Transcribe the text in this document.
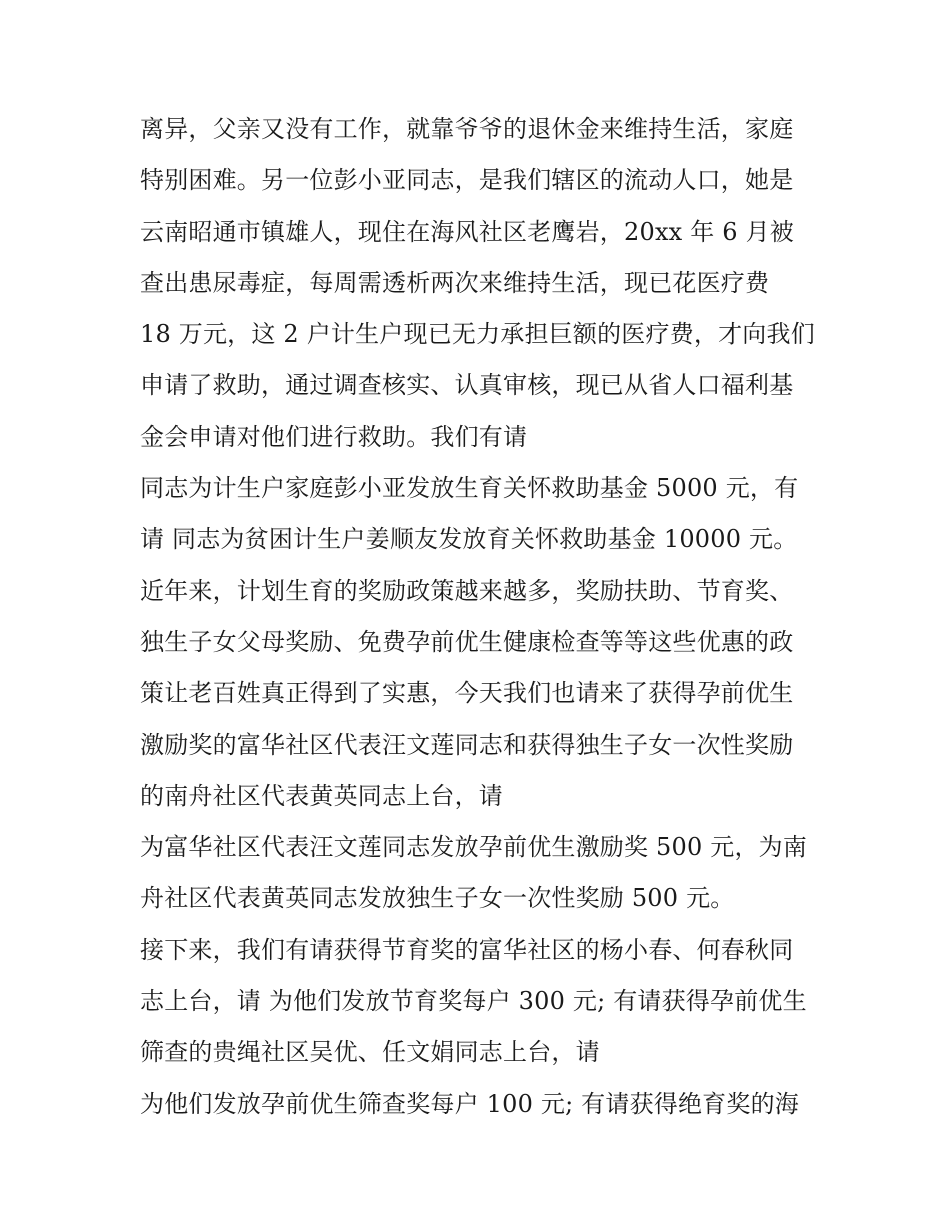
离异，父亲又没有工作，就靠爷爷的退休金来维持生活，家庭
特别困难。另一位彭小亚同志，是我们辖区的流动人口，她是
云南昭通市镇雄人，现住在海风社区老鹰岩，20xx 年 6 月被
查出患尿毒症，每周需透析两次来维持生活，现已花医疗费
18 万元，这 2 户计生户现已无力承担巨额的医疗费，才向我们
申请了救助，通过调查核实、认真审核，现已从省人口福利基
金会申请对他们进行救助。我们有请
同志为计生户家庭彭小亚发放生育关怀救助基金 5000 元，有
请 同志为贫困计生户姜顺友发放育关怀救助基金 10000 元。
近年来，计划生育的奖励政策越来越多，奖励扶助、节育奖、
独生子女父母奖励、免费孕前优生健康检查等等这些优惠的政
策让老百姓真正得到了实惠，今天我们也请来了获得孕前优生
激励奖的富华社区代表汪文莲同志和获得独生子女一次性奖励
的南舟社区代表黄英同志上台，请
为富华社区代表汪文莲同志发放孕前优生激励奖 500 元，为南
舟社区代表黄英同志发放独生子女一次性奖励 500 元。
接下来，我们有请获得节育奖的富华社区的杨小春、何春秋同
志上台，请 为他们发放节育奖每户 300 元; 有请获得孕前优生
筛查的贵绳社区吴优、任文娟同志上台，请
为他们发放孕前优生筛查奖每户 100 元; 有请获得绝育奖的海
